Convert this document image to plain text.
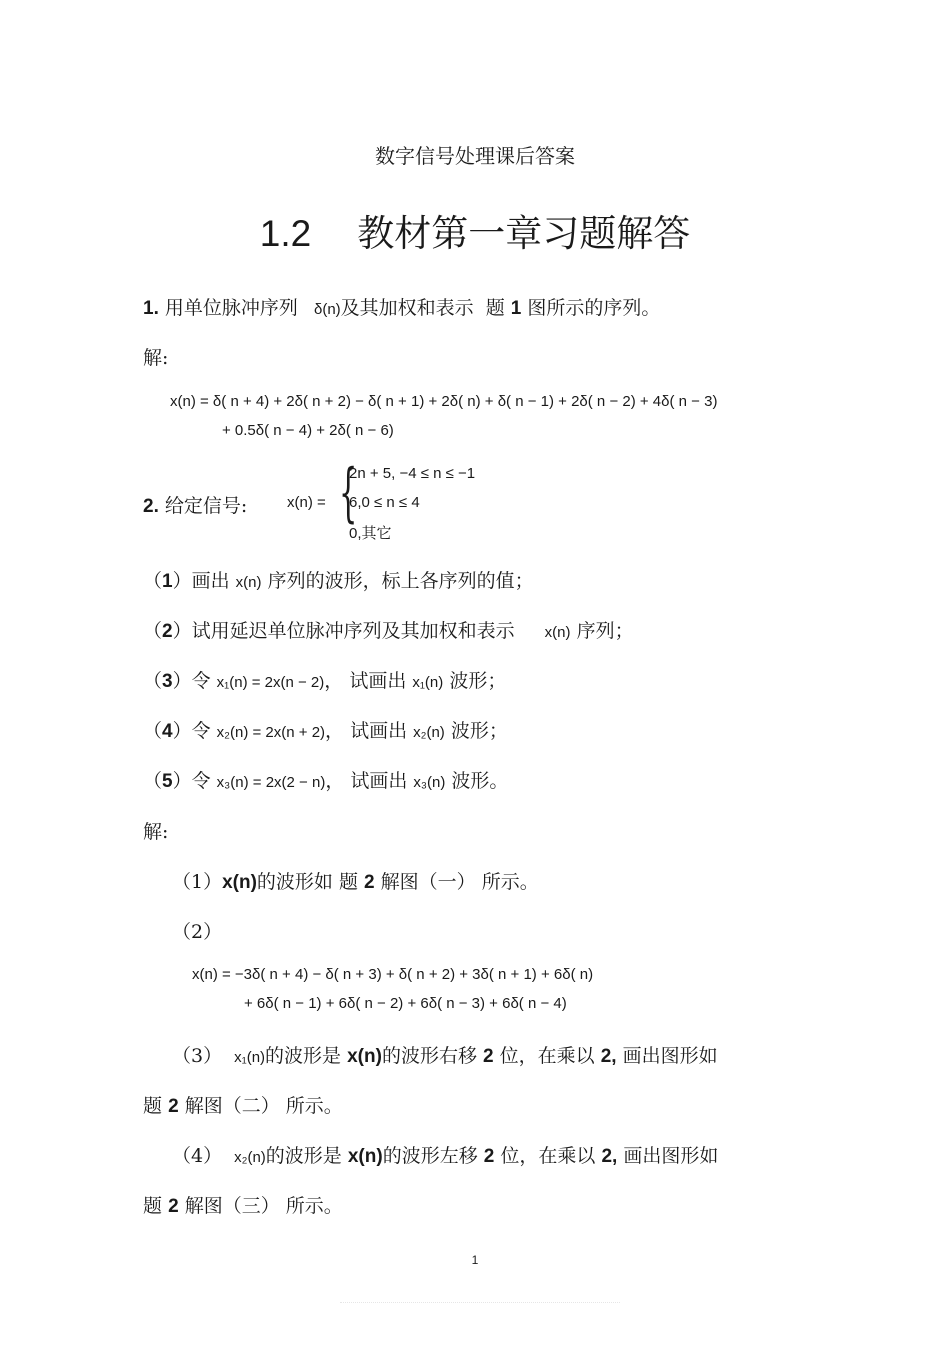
数字信号处理课后答案
1.2 教材第一章习题解答
1. 用单位脉冲序列 δ(n)及其加权和表示 题 1 图所示的序列。
解:
x(n) = δ( n + 4) + 2δ( n + 2) − δ( n + 1) + 2δ( n) + δ( n − 1) + 2δ( n − 2) + 4δ( n − 3)
+ 0.5δ( n − 4) + 2δ( n − 6)
2. 给定信号:	x(n) = {
2n + 5, −4 ≤ n ≤ −1
6,0 ≤ n ≤ 4
0,其它
（1）画出 x(n) 序列的波形，标上各序列的值；
（2）试用延迟单位脉冲序列及其加权和表示 x(n) 序列；
（3）令 x₁(n) = 2x(n − 2)， 试画出 x₁(n) 波形；
（4）令 x₂(n) = 2x(n + 2)， 试画出 x₂(n) 波形；
（5）令 x₃(n) = 2x(2 − n)， 试画出 x₃(n) 波形。
解:
（1）x(n)的波形如 题 2 解图（一） 所示。
（2）
x(n) = −3δ( n + 4) − δ( n + 3) + δ( n + 2) + 3δ( n + 1) + 6δ( n)
+ 6δ( n − 1) + 6δ( n − 2) + 6δ( n − 3) + 6δ( n − 4)
（3） x₁(n)的波形是 x(n)的波形右移 2 位，在乘以 2, 画出图形如
题 2 解图（二） 所示。
（4） x₂(n)的波形是 x(n)的波形左移 2 位，在乘以 2, 画出图形如
题 2 解图（三） 所示。
1
